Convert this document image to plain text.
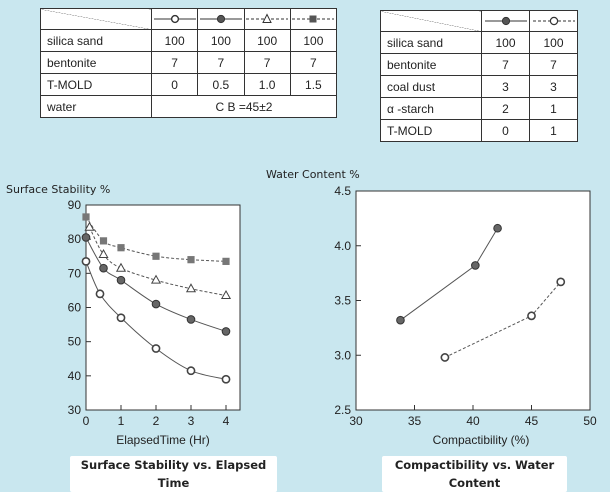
silica sand	100	100	100	100
bentonite	7	7	7	7
T-MOLD	0	0.5	1.0	1.5
water	C B =45±2			

silica sand	100	100
bentonite	7	7
coal dust	3	3
α -starch	2	1
T-MOLD	0	1
Surface Stability %
30
40
50
60
70
80
90
0 1 2 3 4
ElapsedTime (Hr)
Surface Stability vs. Elapsed Time
Water Content %
2.5
3.0
3.5
4.0
4.5
30	35	40	45	50
Compactibility (%)
Compactibility vs. Water Content
